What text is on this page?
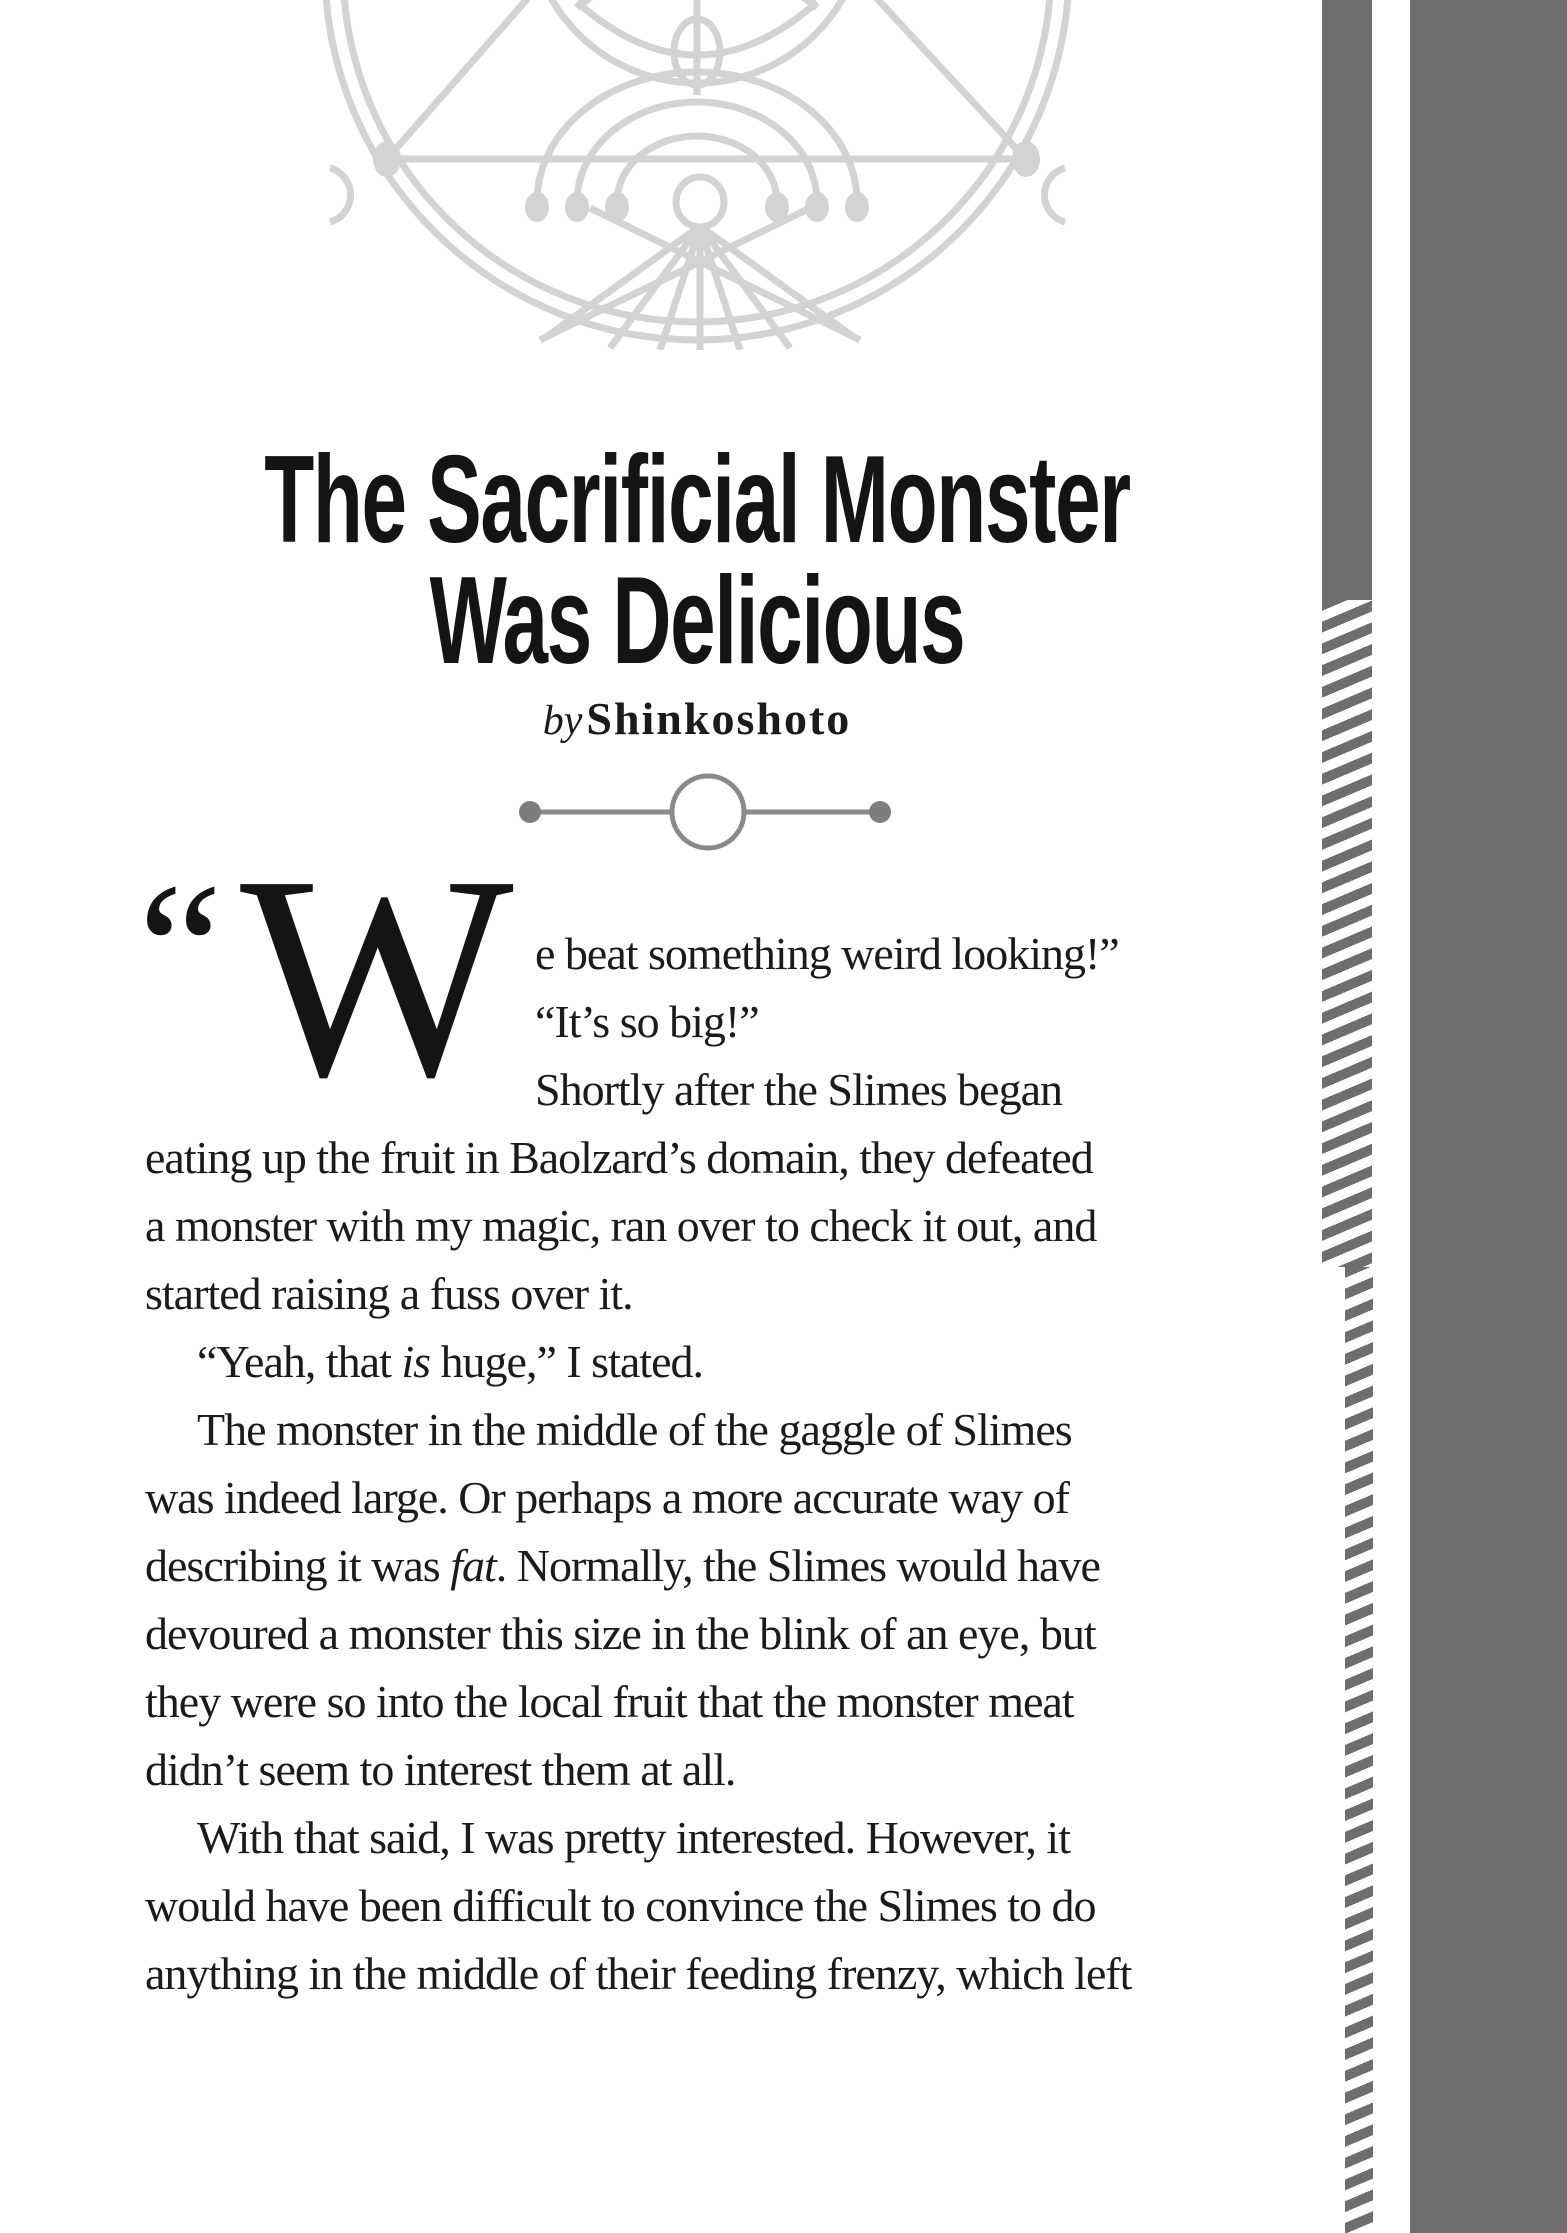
The Sacrificial Monster
Was Delicious
by Shinkoshoto
“ W e beat something weird looking!”
“It’s so big!”
Shortly after the Slimes began
eating up the fruit in Baolzard’s domain, they defeated
a monster with my magic, ran over to check it out, and
started raising a fuss over it.
“Yeah, that is huge,” I stated.
The monster in the middle of the gaggle of Slimes
was indeed large. Or perhaps a more accurate way of
describing it was fat. Normally, the Slimes would have
devoured a monster this size in the blink of an eye, but
they were so into the local fruit that the monster meat
didn’t seem to interest them at all.
With that said, I was pretty interested. However, it
would have been difficult to convince the Slimes to do
anything in the middle of their feeding frenzy, which left
